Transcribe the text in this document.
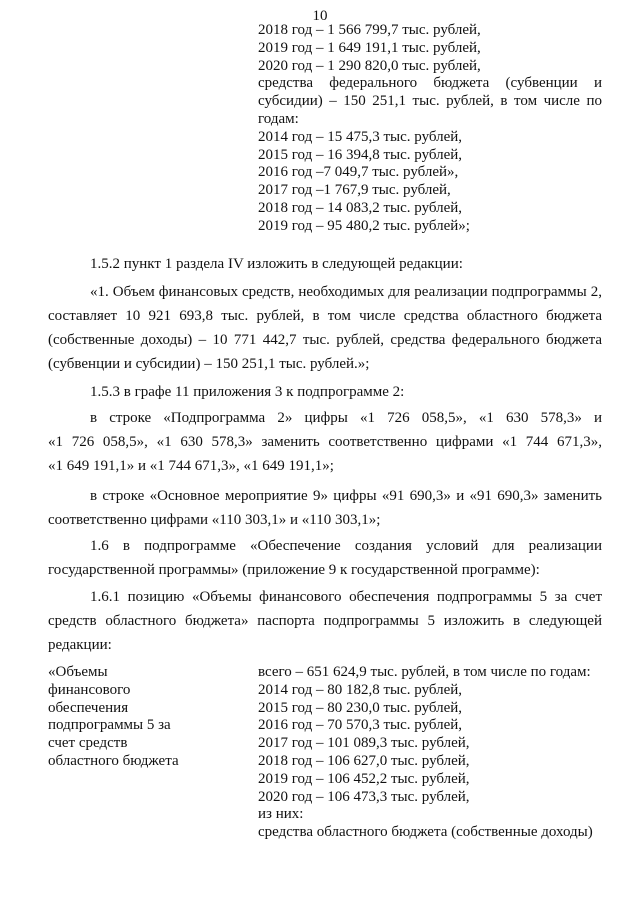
10
2018 год – 1 566 799,7 тыс. рублей,
2019 год – 1 649 191,1 тыс. рублей,
2020 год – 1 290 820,0 тыс. рублей,
средства федерального бюджета (субвенции и
субсидии) – 150 251,1 тыс. рублей, в том числе по
годам:
2014 год – 15 475,3 тыс. рублей,
2015 год – 16 394,8 тыс. рублей,
2016 год –7 049,7 тыс. рублей»,
2017 год –1 767,9 тыс. рублей,
2018 год – 14 083,2 тыс. рублей,
2019 год – 95 480,2 тыс. рублей»;
1.5.2 пункт 1 раздела IV изложить в следующей редакции:
«1. Объем финансовых средств, необходимых для реализации подпрограммы 2, составляет 10 921 693,8 тыс. рублей, в том числе средства областного бюджета (собственные доходы) – 10 771 442,7 тыс. рублей, средства федерального бюджета (субвенции и субсидии) – 150 251,1 тыс. рублей.»;
1.5.3 в графе 11 приложения 3 к подпрограмме 2:
в строке «Подпрограмма 2» цифры «1 726 058,5», «1 630 578,3» и
«1 726 058,5», «1 630 578,3» заменить соответственно цифрами «1 744 671,3»,
«1 649 191,1» и «1 744 671,3», «1 649 191,1»;
в строке «Основное мероприятие 9» цифры «91 690,3» и «91 690,3» заменить соответственно цифрами «110 303,1» и «110 303,1»;
1.6 в подпрограмме «Обеспечение создания условий для реализации государственной программы» (приложение 9 к государственной программе):
1.6.1 позицию «Объемы финансового обеспечения подпрограммы 5 за счет средств областного бюджета» паспорта подпрограммы 5 изложить в следующей редакции:
«Объемы
финансового
обеспечения
подпрограммы 5 за
счет средств
областного бюджета
всего – 651 624,9 тыс. рублей, в том числе по годам:
2014 год – 80 182,8 тыс. рублей,
2015 год – 80 230,0 тыс. рублей,
2016 год – 70 570,3 тыс. рублей,
2017 год – 101 089,3 тыс. рублей,
2018 год – 106 627,0 тыс. рублей,
2019 год – 106 452,2 тыс. рублей,
2020 год – 106 473,3 тыс. рублей,
из них:
средства областного бюджета (собственные доходы)
